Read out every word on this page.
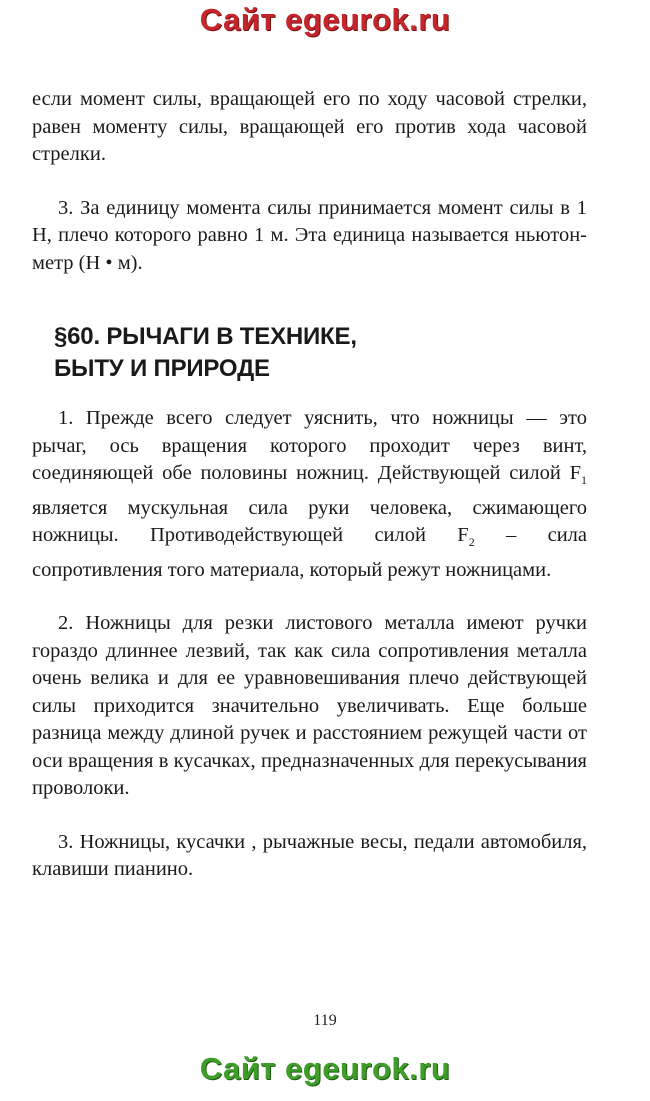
Сайт egeurok.ru

если момент силы, вращающей его по ходу часовой стрелки, равен моменту силы, вращающей его против хода часовой стрелки.

3. За единицу момента силы принимается момент силы в 1 Н, плечо которого равно 1 м. Эта единица называется ньютон-метр (Н • м).

§60. РЫЧАГИ В ТЕХНИКЕ,
БЫТУ И ПРИРОДЕ

1. Прежде всего следует уяснить, что ножницы — это рычаг, ось вращения которого проходит через винт, соединяющей обе половины ножниц. Действующей силой $F_1$ является мускульная сила руки человека, сжимающего ножницы. Противодействующей силой $F_2$ – сила сопротивления того материала, который режут ножницами.

2. Ножницы для резки листового металла имеют ручки гораздо длиннее лезвий, так как сила сопротивления металла очень велика и для ее уравновешивания плечо действующей силы приходится значительно увеличивать. Еще больше разница между длиной ручек и расстоянием режущей части от оси вращения в кусачках, предназначенных для перекусывания проволоки.

3. Ножницы, кусачки , рычажные весы, педали автомобиля, клавиши пианино.

119
Сайт egeurok.ru
